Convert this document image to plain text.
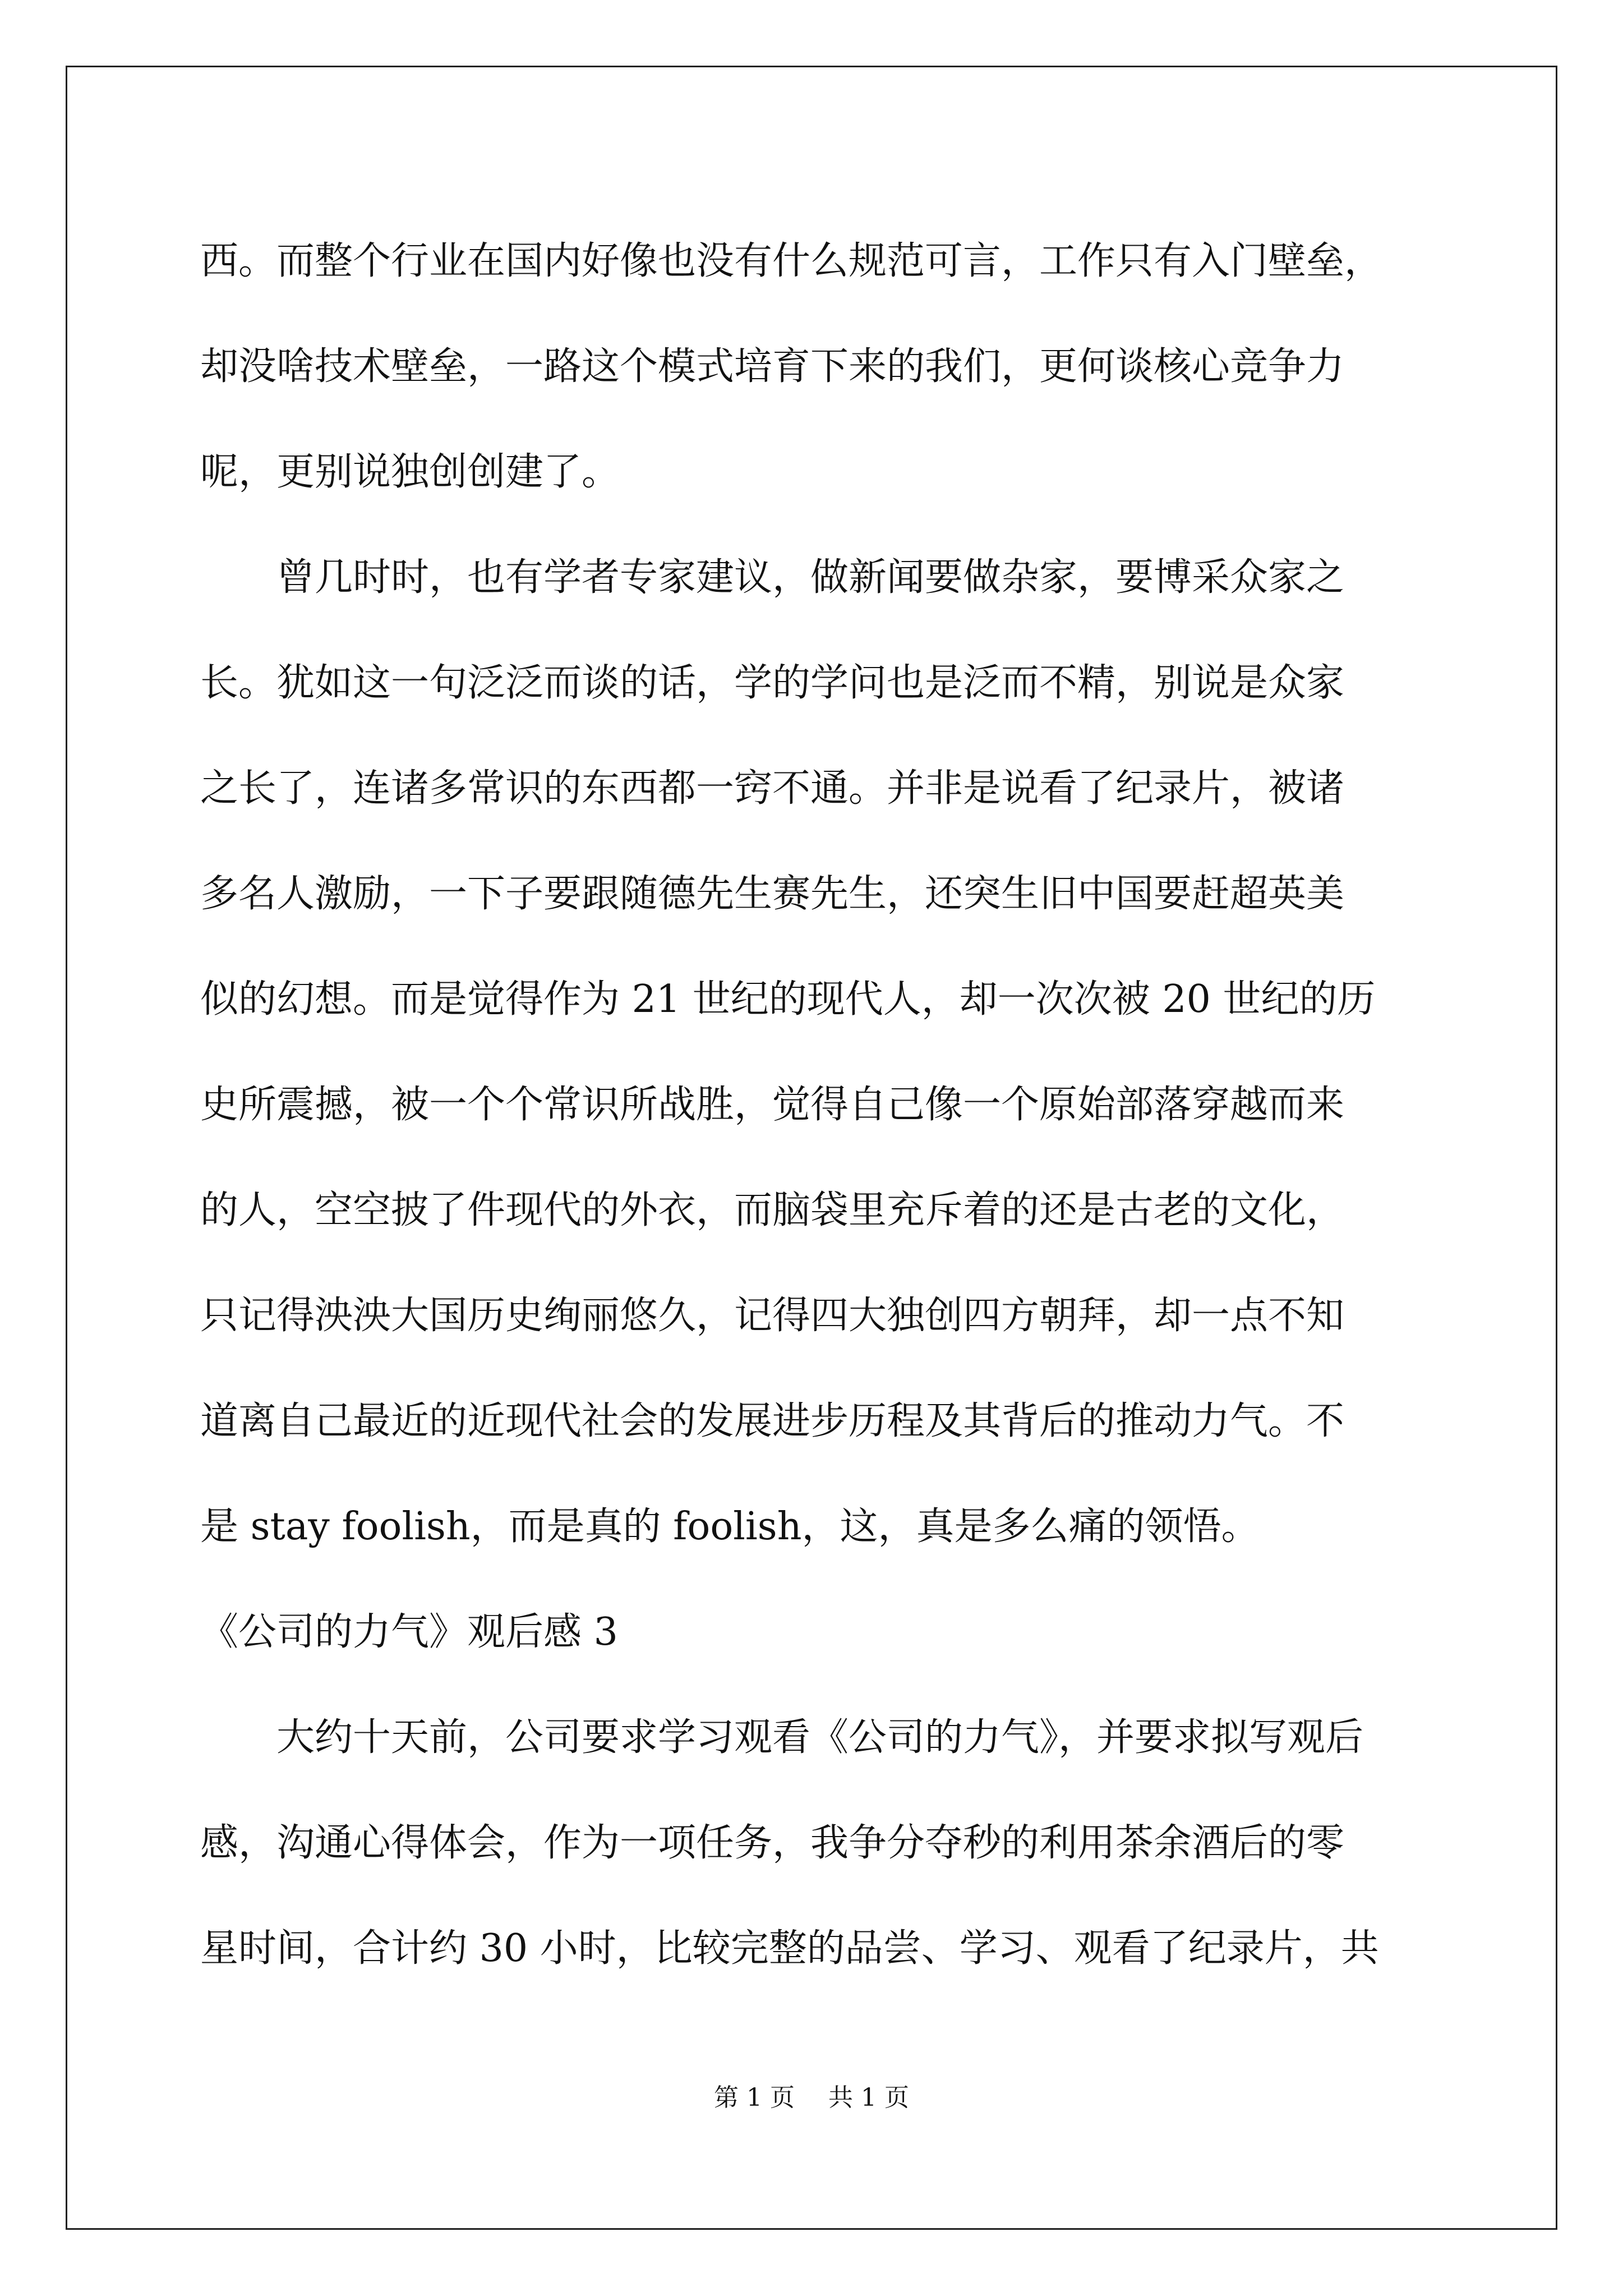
西。而整个行业在国内好像也没有什么规范可言，工作只有入门壁垒，
却没啥技术壁垒，一路这个模式培育下来的我们，更何谈核心竞争力
呢，更别说独创创建了。
曾几时时，也有学者专家建议，做新闻要做杂家，要博采众家之
长。犹如这一句泛泛而谈的话，学的学问也是泛而不精，别说是众家
之长了，连诸多常识的东西都一窍不通。并非是说看了纪录片，被诸
多名人激励，一下子要跟随德先生赛先生，还突生旧中国要赶超英美
似的幻想。而是觉得作为 21 世纪的现代人，却一次次被 20 世纪的历
史所震撼，被一个个常识所战胜，觉得自己像一个原始部落穿越而来
的人，空空披了件现代的外衣，而脑袋里充斥着的还是古老的文化，
只记得泱泱大国历史绚丽悠久，记得四大独创四方朝拜，却一点不知
道离自己最近的近现代社会的发展进步历程及其背后的推动力气。不
是 stay foolish，而是真的 foolish，这，真是多么痛的领悟。
《公司的力气》观后感 3
大约十天前，公司要求学习观看《公司的力气》，并要求拟写观后
感，沟通心得体会，作为一项任务，我争分夺秒的利用茶余酒后的零
星时间，合计约 30 小时，比较完整的品尝、学习、观看了纪录片，共
第 1 页 共 1 页
